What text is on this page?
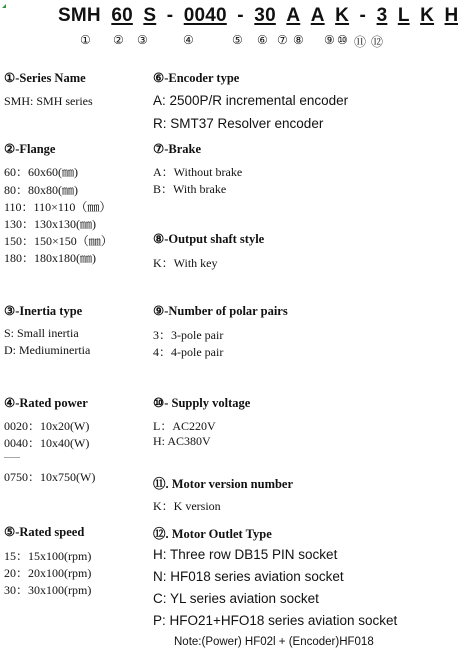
SMH 60 S - 0040 - 30 A A K - 3 L K H
① ② ③	④	⑤ ⑥ ⑦ ⑧ ⑨ ⑩ ⑪ ⑫
①-Series Name
SMH: SMH series
②-Flange
60：60x60(㎜)
80：80x80(㎜)
110：110×110（㎜）
130：130x130(㎜)
150：150×150（㎜）
180：180x180(㎜)
③-Inertia type
S: Small inertia
D: Mediuminertia
④-Rated power
0020：10x20(W)
0040：10x40(W)
........
0750：10x750(W)
⑤-Rated speed
15：15x100(rpm)
20：20x100(rpm)
30：30x100(rpm)
⑥-Encoder type
A: 2500P/R incremental encoder
R: SMT37 Resolver encoder
⑦-Brake
A：Without brake
B：With brake
⑧-Output shaft style
K：With key
⑨-Number of polar pairs
3：3-pole pair
4：4-pole pair
⑩- Supply voltage
L：AC220V
H: AC380V
⑪. Motor version number
K：K version
⑫. Motor Outlet Type
H: Three row DB15 PIN socket
N: HF018 series aviation socket
C: YL series aviation socket
P: HFO21+HFO18 series aviation socket
Note:(Power) HF02l + (Encoder)HF018
